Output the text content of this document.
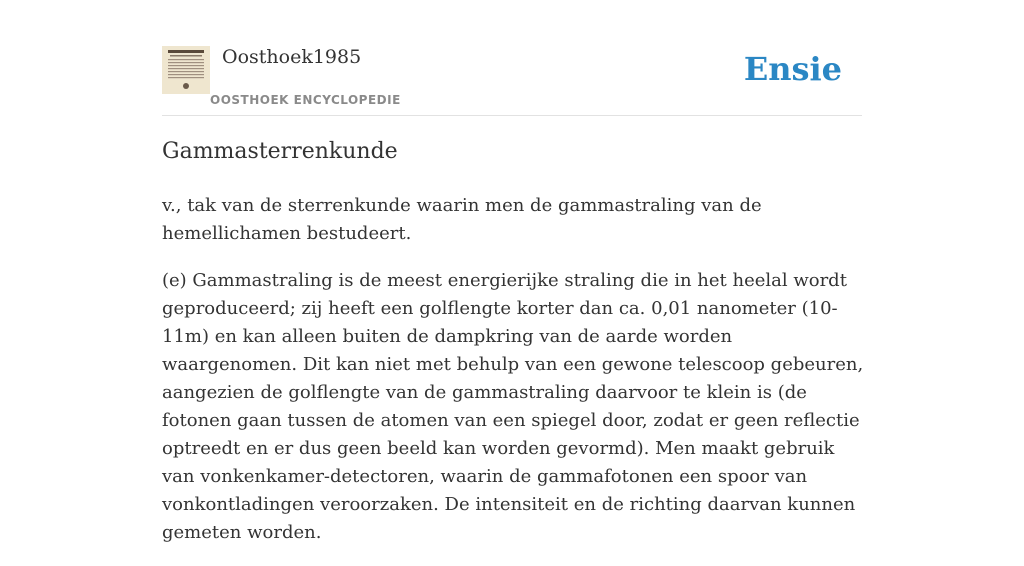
Oosthoek1985
OOSTHOEK ENCYCLOPEDIE
Ensie
Gammasterrenkunde

v., tak van de sterrenkunde waarin men de gammastraling van de hemellichamen bestudeert.

(e) Gammastraling is de meest energierijke straling die in het heelal wordt geproduceerd; zij heeft een golflengte korter dan ca. 0,01 nanometer (10-11m) en kan alleen buiten de dampkring van de aarde worden waargenomen. Dit kan niet met behulp van een gewone telescoop gebeuren, aangezien de golflengte van de gammastraling daarvoor te klein is (de fotonen gaan tussen de atomen van een spiegel door, zodat er geen reflectie optreedt en er dus geen beeld kan worden gevormd). Men maakt gebruik van vonkenkamer-detectoren, waarin de gammafotonen een spoor van vonkontladingen veroorzaken. De intensiteit en de richting daarvan kunnen gemeten worden.
